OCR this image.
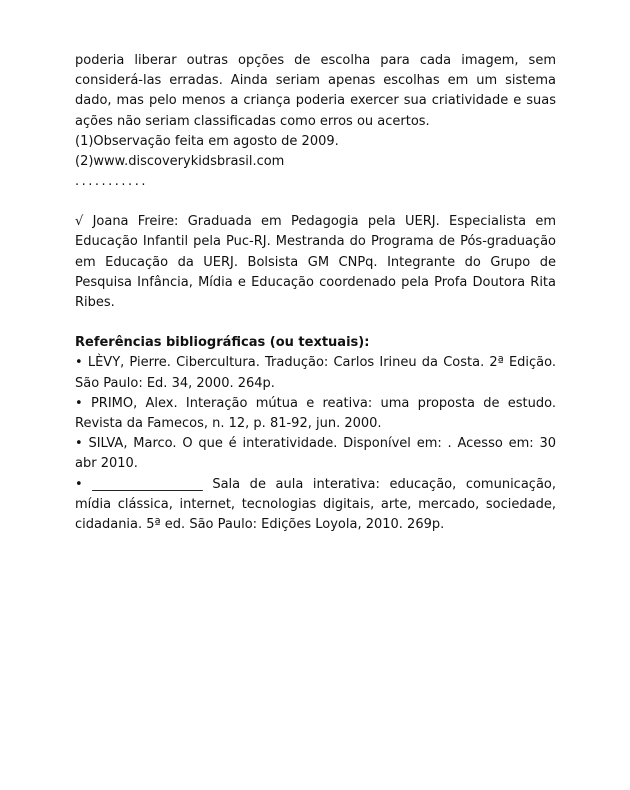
poderia liberar outras opções de escolha para cada imagem, sem considerá-las erradas. Ainda seriam apenas escolhas em um sistema dado, mas pelo menos a criança poderia exercer sua criatividade e suas ações não seriam classificadas como erros ou acertos.

(1)Observação feita em agosto de 2009.

(2)www.discoverykidsbrasil.com

...........

√ Joana Freire: Graduada em Pedagogia pela UERJ. Especialista em Educação Infantil pela Puc-RJ. Mestranda do Programa de Pós-graduação em Educação da UERJ. Bolsista GM CNPq. Integrante do Grupo de Pesquisa Infância, Mídia e Educação coordenado pela Profa Doutora Rita Ribes.

Referências bibliográficas (ou textuais):

• LÈVY, Pierre. Cibercultura. Tradução: Carlos Irineu da Costa. 2ª Edição. São Paulo: Ed. 34, 2000. 264p.

• PRIMO, Alex. Interação mútua e reativa: uma proposta de estudo. Revista da Famecos, n. 12, p. 81-92, jun. 2000.

• SILVA, Marco. O que é interatividade. Disponível em: . Acesso em: 30 abr 2010.

• _________________ Sala de aula interativa: educação, comunicação, mídia clássica, internet, tecnologias digitais, arte, mercado, sociedade, cidadania. 5ª ed. São Paulo: Edições Loyola, 2010. 269p.
